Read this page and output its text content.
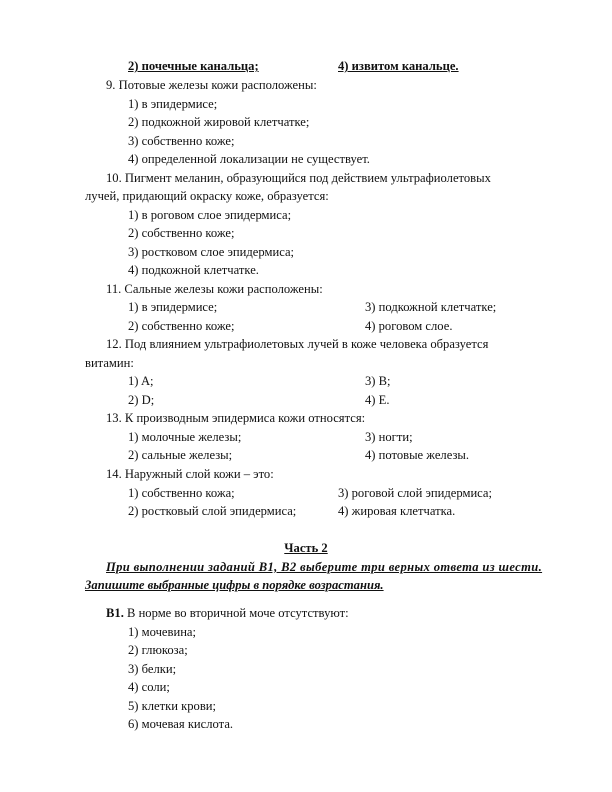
2) почечные канальца;	4) извитом канальце.
9. Потовые железы кожи расположены:
1) в эпидермисе;
2) подкожной жировой клетчатке;
3) собственно коже;
4) определенной локализации не существует.
10. Пигмент меланин, образующийся под действием ультрафиолетовых
лучей, придающий окраску коже, образуется:
1) в роговом слое эпидермиса;
2) собственно коже;
3) ростковом слое эпидермиса;
4) подкожной клетчатке.
11. Сальные железы кожи расположены:
1) в эпидермисе;	3) подкожной клетчатке;
2) собственно коже;	4) роговом слое.
12. Под влиянием ультрафиолетовых лучей в коже человека образуется
витамин:
1) A;	3) B;
2) D;	4) E.
13. К производным эпидермиса кожи относятся:
1) молочные железы;	3) ногти;
2) сальные железы;	4) потовые железы.
14. Наружный слой кожи – это:
1) собственно кожа;	3) роговой слой эпидермиса;
2) ростковый слой эпидермиса;	4) жировая клетчатка.
Часть 2
При выполнении заданий В1, В2 выберите три верных ответа из шести.
Запишите выбранные цифры в порядке возрастания.
В1. В норме во вторичной моче отсутствуют:
1) мочевина;
2) глюкоза;
3) белки;
4) соли;
5) клетки крови;
6) мочевая кислота.
